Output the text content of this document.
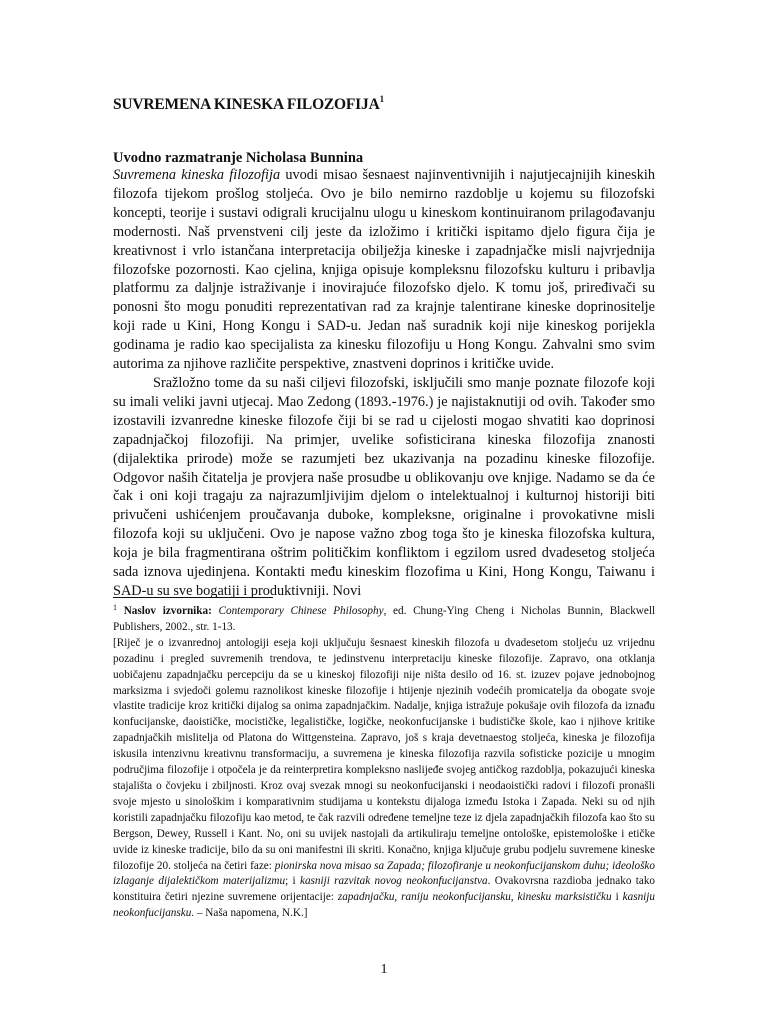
SUVREMENA KINESKA FILOZOFIJA$^1$
Uvodno razmatranje Nicholasa Bunnina

Suvremena kineska filozofija uvodi misao šesnaest najinventivnijih i najutjecajnijih kineskih filozofa tijekom prošlog stoljeća. Ovo je bilo nemirno razdoblje u kojemu su filozofski koncepti, teorije i sustavi odigrali krucijalnu ulogu u kineskom kontinuiranom prilagođavanju modernosti. Naš prvenstveni cilj jeste da izložimo i kritički ispitamo djelo figura čija je kreativnost i vrlo istančana interpretacija obilježja kineske i zapadnjačke misli najvrjednija filozofske pozornosti. Kao cjelina, knjiga opisuje kompleksnu filozofsku kulturu i pribavlja platformu za daljnje istraživanje i inovirajuće filozofsko djelo. K tomu još, priređivači su ponosni što mogu ponuditi reprezentativan rad za krajnje talentirane kineske doprinositelje koji rade u Kini, Hong Kongu i SAD-u. Jedan naš suradnik koji nije kineskog porijekla godinama je radio kao specijalista za kinesku filozofiju u Hong Kongu. Zahvalni smo svim autorima za njihove različite perspektive, znastveni doprinos i kritičke uvide.

Sražložno tome da su naši ciljevi filozofski, isključili smo manje poznate filozofe koji su imali veliki javni utjecaj. Mao Zedong (1893.-1976.) je najistaknutiji od ovih. Također smo izostavili izvanredne kineske filozofe čiji bi se rad u cijelosti mogao shvatiti kao doprinosi zapadnjačkoj filozofiji. Na primjer, uvelike sofisticirana kineska filozofija znanosti (dijalektika prirode) može se razumjeti bez ukazivanja na pozadinu kineske filozofije. Odgovor naših čitatelja je provjera naše prosudbe u oblikovanju ove knjige. Nadamo se da će čak i oni koji tragaju za najrazumljivijim djelom o intelektualnoj i kulturnoj historiji biti privučeni ushićenjem proučavanja duboke, kompleksne, originalne i provokativne misli filozofa koji su uključeni. Ovo je napose važno zbog toga što je kineska filozofska kultura, koja je bila fragmentirana oštrim političkim konfliktom i egzilom usred dvadesetog stoljeća sada iznova ujedinjena. Kontakti među kineskim flozofima u Kini, Hong Kongu, Taiwanu i SAD-u su sve bogatiji i produktivniji. Novi

$^1$ Naslov izvornika: Contemporary Chinese Philosophy, ed. Chung-Ying Cheng i Nicholas Bunnin, Blackwell Publishers, 2002., str. 1-13.

[Riječ je o izvanrednoj antologiji eseja koji uključuju šesnaest kineskih filozofa u dvadesetom stoljeću uz vrijednu pozadinu i pregled suvremenih trendova, te jedinstvenu interpretaciju kineske filozofije. Zapravo, ona otklanja uobičajenu zapadnjačku percepciju da se u kineskoj filozofiji nije ništa desilo od 16. st. izuzev pojave jednobojnog marksizma i svjedoči golemu raznolikost kineske filozofije i htijenje njezinih vodećih promicatelja da obogate svoje vlastite tradicije kroz kritički dijalog sa onima zapadnjačkim. Nadalje, knjiga istražuje pokušaje ovih filozofa da iznađu konfucijanske, daoističke, mocističke, legalističke, logičke, neokonfucijanske i budističke škole, kao i njihove kritike zapadnjačkih mislitelja od Platona do Wittgensteina. Zapravo, još s kraja devetnaestog stoljeća, kineska je filozofija iskusila intenzivnu kreativnu transformaciju, a suvremena je kineska filozofija razvila sofisticke pozicije u mnogim područjima filozofije i otpočela je da reinterpretira kompleksno naslijeđe svojeg antičkog razdoblja, pokazujući kineska stajališta o čovjeku i zbiljnosti. Kroz ovaj svezak mnogi su neokonfucijanski i neodaoistički radovi i filozofi pronašli svoje mjesto u sinološkim i komparativnim studijama u kontekstu dijaloga između Istoka i Zapada. Neki su od njih koristili zapadnjačku filozofiju kao metod, te čak razvili određene temeljne teze iz djela zapadnjačkih filozofa kao što su Bergson, Dewey, Russell i Kant. No, oni su uvijek nastojali da artikuliraju temeljne ontološke, epistemološke i etičke uvide iz kineske tradicije, bilo da su oni manifestni ili skriti. Konačno, knjiga ključuje grubu podjelu suvremene kineske filozofije 20. stoljeća na četiri faze: pionirska nova misao sa Zapada; filozofiranje u neokonfucijanskom duhu; ideološko izlaganje dijalektičkom materijalizmu; i kasniji razvitak novog neokonfucijanstva. Ovakovrsna razdioba jednako tako konstituira četiri njezine suvremene orijentacije: zapadnjačku, raniju neokonfucijansku, kinesku marksističku i kasniju neokonfucijansku. – Naša napomena, N.K.]

1
